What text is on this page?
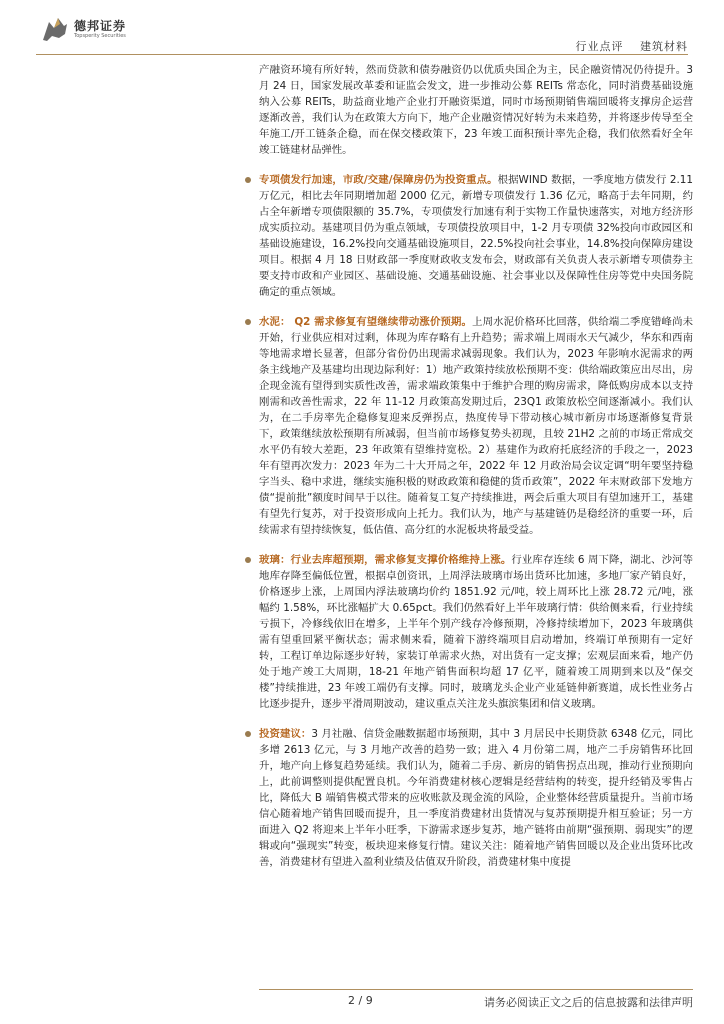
德邦证券
Topsperity Securities
行业点评 建筑材料

产融资环境有所好转，然而贷款和债券融资仍以优质央国企为主，民企融资情况仍待提升。3 月 24 日，国家发展改革委和证监会发文，进一步推动公募 REITs 常态化，同时消费基础设施纳入公募 REITs，助益商业地产企业打开融资渠道，同时市场预期销售端回暖将支撑房企运营逐渐改善，我们认为在政策大方向下，地产企业融资情况好转为未来趋势，并将逐步传导至全年施工/开工链条企稳，而在保交楼政策下，23 年竣工面积预计率先企稳，我们依然看好全年竣工链建材品弹性。

专项债发行加速，市政/交建/保障房仍为投资重点。根据WIND 数据，一季度地方债发行 2.11 万亿元，相比去年同期增加超 2000 亿元，新增专项债发行 1.36 亿元，略高于去年同期，约占全年新增专项债限额的 35.7%，专项债发行加速有利于实物工作量快速落实，对地方经济形成实质拉动。基建项目仍为重点领域，专项债投放项目中，1-2 月专项债 32%投向市政园区和基础设施建设，16.2%投向交通基础设施项目，22.5%投向社会事业，14.8%投向保障房建设项目。根据 4 月 18 日财政部一季度财政收支发布会，财政部有关负责人表示新增专项债券主要支持市政和产业园区、基础设施、交通基础设施、社会事业以及保障性住房等党中央国务院确定的重点领域。

水泥： Q2 需求修复有望继续带动涨价预期。上周水泥价格环比回落，供给端二季度错峰尚未开始，行业供应相对过剩，体现为库存略有上升趋势；需求端上周雨水天气减少，华东和西南等地需求增长显著，但部分省份仍出现需求减弱现象。我们认为，2023 年影响水泥需求的两条主线地产及基建均出现边际利好：1）地产政策持续放松预期不变：供给端政策应出尽出，房企现金流有望得到实质性改善，需求端政策集中于维护合理的购房需求，降低购房成本以支持刚需和改善性需求，22 年 11-12 月政策高发期过后，23Q1 政策放松空间逐渐减小。我们认为，在二手房率先企稳修复迎来反弹拐点，热度传导下带动核心城市新房市场逐渐修复背景下，政策继续放松预期有所减弱，但当前市场修复势头初现，且较 21H2 之前的市场正常成交水平仍有较大差距，23 年政策有望维持宽松。2）基建作为政府托底经济的手段之一，2023 年有望再次发力：2023 年为二十大开局之年，2022 年 12 月政治局会议定调“明年要坚持稳字当头、稳中求进，继续实施积极的财政政策和稳健的货币政策”，2022 年末财政部下发地方债“提前批”额度时间早于以往。随着复工复产持续推进，两会后重大项目有望加速开工，基建有望先行复苏，对于投资形成向上托力。我们认为，地产与基建链仍是稳经济的重要一环，后续需求有望持续恢复，低估值、高分红的水泥板块将最受益。

玻璃：行业去库超预期，需求修复支撑价格维持上涨。行业库存连续 6 周下降，湖北、沙河等地库存降至偏低位置，根据卓创资讯，上周浮法玻璃市场出货环比加速，多地厂家产销良好，价格逐步上涨，上周国内浮法玻璃均价约 1851.92 元/吨，较上周环比上涨 28.72 元/吨，涨幅约 1.58%，环比涨幅扩大 0.65pct。我们仍然看好上半年玻璃行情：供给侧来看，行业持续亏损下，冷修线依旧在增多，上半年个别产线存冷修预期，冷修持续增加下，2023 年玻璃供需有望重回紧平衡状态；需求侧来看，随着下游终端项目启动增加，终端订单预期有一定好转，工程订单边际逐步好转，家装订单需求火热，对出货有一定支撑；宏观层面来看，地产仍处于地产竣工大周期，18-21 年地产销售面积均超 17 亿平，随着竣工周期到来以及“保交楼”持续推进，23 年竣工端仍有支撑。同时，玻璃龙头企业产业延链伸新赛道，成长性业务占比逐步提升，逐步平滑周期波动，建议重点关注龙头旗滨集团和信义玻璃。

投资建议：3 月社融、信贷金融数据超市场预期，其中 3 月居民中长期贷款 6348 亿元，同比多增 2613 亿元，与 3 月地产改善的趋势一致；进入 4 月份第二周，地产二手房销售环比回升，地产向上修复趋势延续。我们认为，随着二手房、新房的销售拐点出现，推动行业预期向上，此前调整则提供配置良机。今年消费建材核心逻辑是经营结构的转变，提升经销及零售占比，降低大 B 端销售模式带来的应收账款及现金流的风险，企业整体经营质量提升。当前市场信心随着地产销售回暖而提升，且一季度消费建材出货情况与复苏预期提升相互验证；另一方面进入 Q2 将迎来上半年小旺季，下游需求逐步复苏，地产链将由前期“强预期、弱现实”的逻辑或向“强现实”转变，板块迎来修复行情。建议关注：随着地产销售回暖以及企业出货环比改善，消费建材有望进入盈利业绩及估值双升阶段，消费建材集中度提

2 / 9	请务必阅读正文之后的信息披露和法律声明
